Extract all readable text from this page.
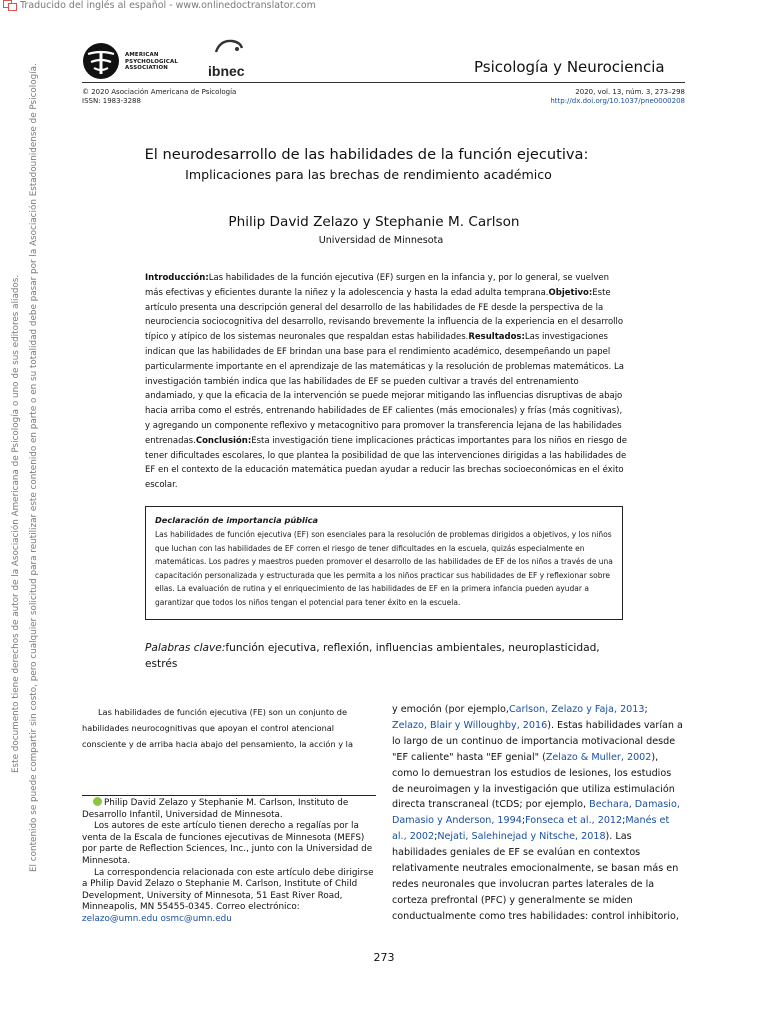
Traducido del inglés al español - www.onlinedoctranslator.com
AMERICAN
PSYCHOLOGICAL
ASSOCIATION	ibnec	Psicología y Neurociencia
© 2020 Asociación Americana de Psicología
ISSN: 1983-3288
2020, vol. 13, núm. 3, 273–298
http://dx.doi.org/10.1037/pne0000208
El neurodesarrollo de las habilidades de la función ejecutiva:
Implicaciones para las brechas de rendimiento académico
Philip David Zelazo y Stephanie M. Carlson
Universidad de Minnesota
Introducción:Las habilidades de la función ejecutiva (EF) surgen en la infancia y, por lo general, se vuelven más efectivas y eficientes durante la niñez y la adolescencia y hasta la edad adulta temprana.Objetivo:Este artículo presenta una descripción general del desarrollo de las habilidades de FE desde la perspectiva de la neurociencia sociocognitiva del desarrollo, revisando brevemente la influencia de la experiencia en el desarrollo típico y atípico de los sistemas neuronales que respaldan estas habilidades.Resultados:Las investigaciones indican que las habilidades de EF brindan una base para el rendimiento académico, desempeñando un papel particularmente importante en el aprendizaje de las matemáticas y la resolución de problemas matemáticos. La investigación también indica que las habilidades de EF se pueden cultivar a través del entrenamiento andamiado, y que la eficacia de la intervención se puede mejorar mitigando las influencias disruptivas de abajo hacia arriba como el estrés, entrenando habilidades de EF calientes (más emocionales) y frías (más cognitivas), y agregando un componente reflexivo y metacognitivo para promover la transferencia lejana de las habilidades entrenadas.Conclusión:Esta investigación tiene implicaciones prácticas importantes para los niños en riesgo de tener dificultades escolares, lo que plantea la posibilidad de que las intervenciones dirigidas a las habilidades de EF en el contexto de la educación matemática puedan ayudar a reducir las brechas socioeconómicas en el éxito escolar.
Declaración de importancia pública
Las habilidades de función ejecutiva (EF) son esenciales para la resolución de problemas dirigidos a objetivos, y los niños que luchan con las habilidades de EF corren el riesgo de tener dificultades en la escuela, quizás especialmente en matemáticas. Los padres y maestros pueden promover el desarrollo de las habilidades de EF de los niños a través de una capacitación personalizada y estructurada que les permita a los niños practicar sus habilidades de EF y reflexionar sobre ellas. La evaluación de rutina y el enriquecimiento de las habilidades de EF en la primera infancia pueden ayudar a garantizar que todos los niños tengan el potencial para tener éxito en la escuela.
Palabras clave:función ejecutiva, reflexión, influencias ambientales, neuroplasticidad, estrés
Las habilidades de función ejecutiva (FE) son un conjunto de habilidades neurocognitivas que apoyan el control atencional consciente y de arriba hacia abajo del pensamiento, la acción y la

Philip David Zelazo y Stephanie M. Carlson, Instituto de Desarrollo Infantil, Universidad de Minnesota.

Los autores de este artículo tienen derecho a regalías por la venta de la Escala de funciones ejecutivas de Minnesota (MEFS) por parte de Reflection Sciences, Inc., junto con la Universidad de Minnesota.

La correspondencia relacionada con este artículo debe dirigirse a Philip David Zelazo o Stephanie M. Carlson, Institute of Child Development, University of Minnesota, 51 East River Road, Minneapolis, MN 55455-0345. Correo electrónico:
zelazo@umn.edu osmc@umn.edu

y emoción (por ejemplo,Carlson, Zelazo y Faja, 2013; Zelazo, Blair y Willoughby, 2016). Estas habilidades varían a lo largo de un continuo de importancia motivacional desde "EF caliente" hasta "EF genial" (Zelazo & Muller, 2002), como lo demuestran los estudios de lesiones, los estudios de neuroimagen y la investigación que utiliza estimulación directa transcraneal (tCDS; por ejemplo, Bechara, Damasio, Damasio y Anderson, 1994;Fonseca et al., 2012;Manés et al., 2002;Nejati, Salehinejad y Nitsche, 2018). Las habilidades geniales de EF se evalúan en contextos relativamente neutrales emocionalmente, se basan más en redes neuronales que involucran partes laterales de la corteza prefrontal (PFC) y generalmente se miden conductualmente como tres habilidades: control inhibitorio,
273
Este documento tiene derechos de autor de la Asociación Americana de Psicología o uno de sus editores aliados. El contenido se puede compartir sin costo, pero cualquier solicitud para reutilizar este contenido en parte o en su totalidad debe pasar por la Asociación Estadounidense de Psicología.
